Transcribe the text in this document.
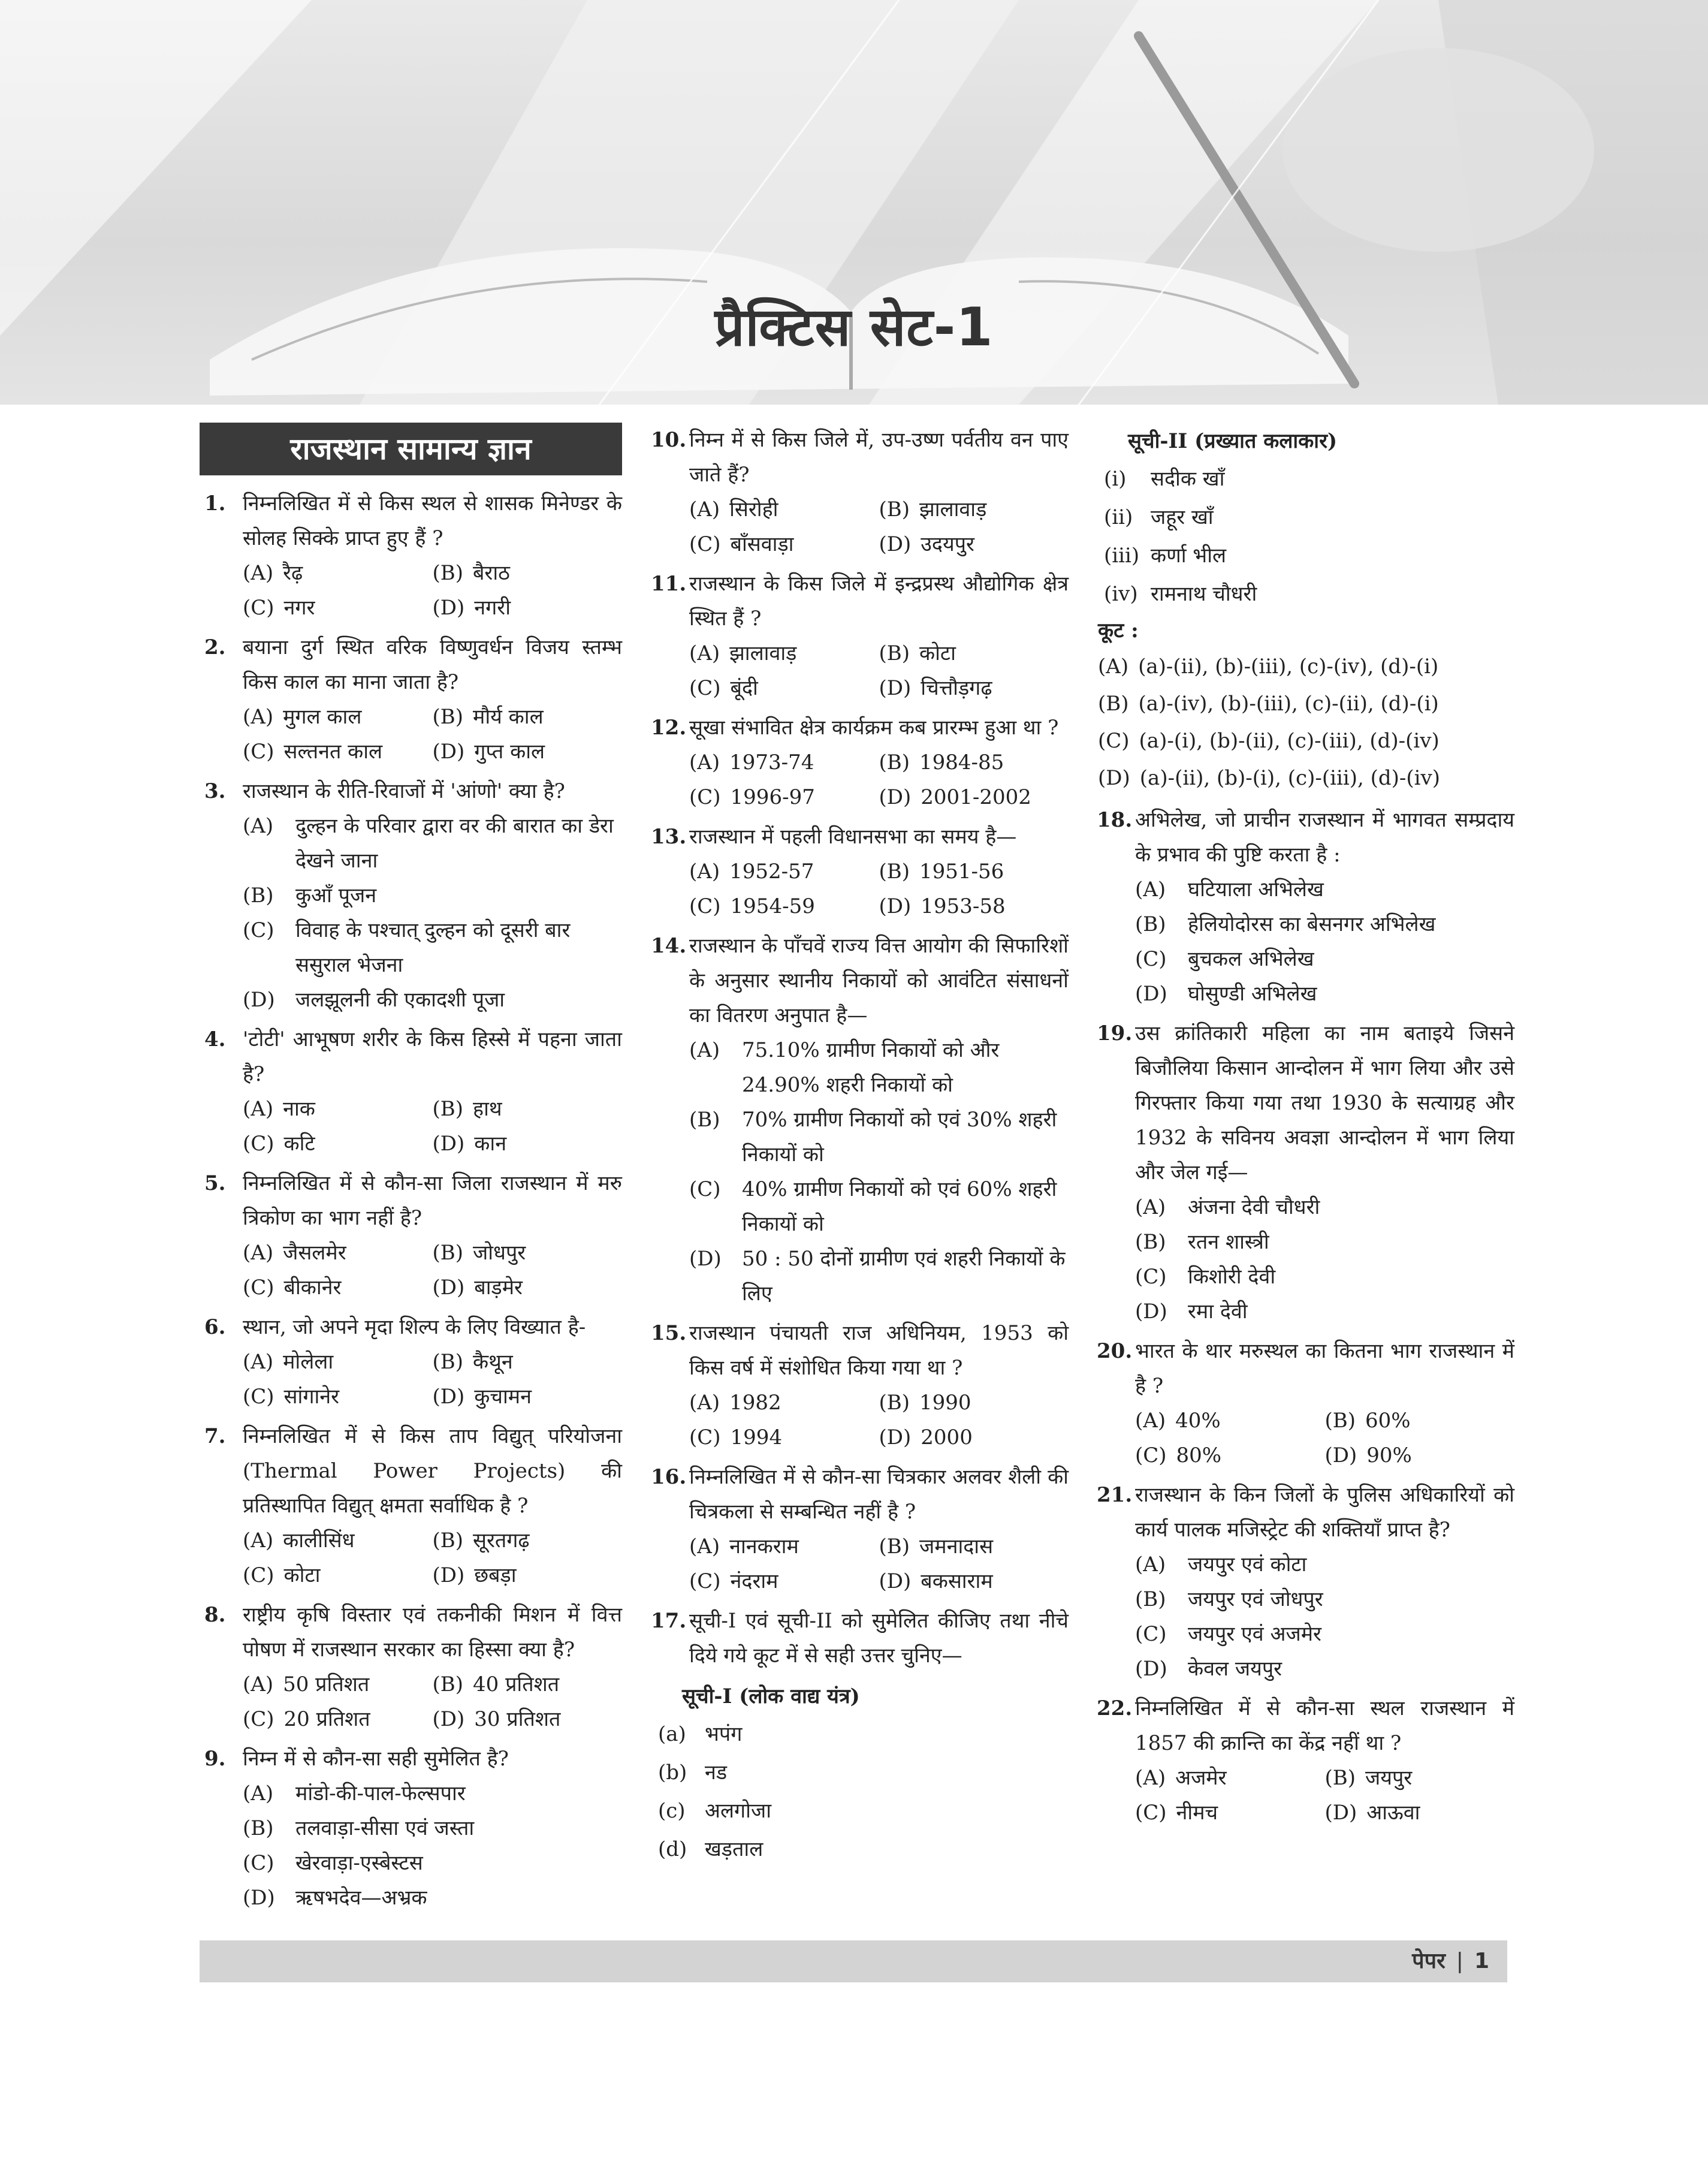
प्रैक्टिस सेट-1
राजस्थान सामान्य ज्ञान
1. निम्नलिखित में से किस स्थल से शासक मिनेण्डर के सोलह सिक्के प्राप्त हुए हैं ?
(A) रैढ़	(B) बैराठ
(C) नगर	(D) नगरी
2. बयाना दुर्ग स्थित वरिक विष्णुवर्धन विजय स्तम्भ किस काल का माना जाता है?
(A) मुगल काल	(B) मौर्य काल
(C) सल्तनत काल	(D) गुप्त काल
3. राजस्थान के रीति-रिवाजों में 'आंणो' क्या है?
(A)	दुल्हन के परिवार द्वारा वर की बारात का डेरा देखने जाना
(B)	कुआँ पूजन
(C)	विवाह के पश्चात् दुल्हन को दूसरी बार ससुराल भेजना
(D)	जलझूलनी की एकादशी पूजा
4. 'टोटी' आभूषण शरीर के किस हिस्से में पहना जाता है?
(A) नाक	(B) हाथ
(C) कटि	(D) कान
5. निम्नलिखित में से कौन-सा जिला राजस्थान में मरु त्रिकोण का भाग नहीं है?
(A) जैसलमेर	(B) जोधपुर
(C) बीकानेर	(D) बाड़मेर
6. स्थान, जो अपने मृदा शिल्प के लिए विख्यात है-
(A) मोलेला	(B) कैथून
(C) सांगानेर	(D) कुचामन
7. निम्नलिखित में से किस ताप विद्युत् परियोजना (Thermal Power Projects) की प्रतिस्थापित विद्युत् क्षमता सर्वाधिक है ?
(A) कालीसिंध	(B) सूरतगढ़
(C) कोटा	(D) छबड़ा
8. राष्ट्रीय कृषि विस्तार एवं तकनीकी मिशन में वित्त पोषण में राजस्थान सरकार का हिस्सा क्या है?
(A) 50 प्रतिशत	(B) 40 प्रतिशत
(C) 20 प्रतिशत	(D) 30 प्रतिशत
9. निम्न में से कौन-सा सही सुमेलित है?
(A)	मांडो-की-पाल-फेल्सपार
(B)	तलवाड़ा-सीसा एवं जस्ता
(C)	खेरवाड़ा-एस्बेस्टस
(D)	ऋषभदेव—अभ्रक
10. निम्न में से किस जिले में, उप-उष्ण पर्वतीय वन पाए जाते हैं?
(A) सिरोही	(B) झालावाड़
(C) बाँसवाड़ा	(D) उदयपुर
11. राजस्थान के किस जिले में इन्द्रप्रस्थ औद्योगिक क्षेत्र स्थित हैं ?
(A) झालावाड़	(B) कोटा
(C) बूंदी	(D) चित्तौड़गढ़
12. सूखा संभावित क्षेत्र कार्यक्रम कब प्रारम्भ हुआ था ?
(A) 1973-74	(B) 1984-85
(C) 1996-97	(D) 2001-2002
13. राजस्थान में पहली विधानसभा का समय है—
(A) 1952-57	(B) 1951-56
(C) 1954-59	(D) 1953-58
14. राजस्थान के पाँचवें राज्य वित्त आयोग की सिफारिशों के अनुसार स्थानीय निकायों को आवंटित संसाधनों का वितरण अनुपात है—
(A)	75.10% ग्रामीण निकायों को और 24.90% शहरी निकायों को
(B)	70% ग्रामीण निकायों को एवं 30% शहरी निकायों को
(C)	40% ग्रामीण निकायों को एवं 60% शहरी निकायों को
(D)	50 : 50 दोनों ग्रामीण एवं शहरी निकायों के लिए
15. राजस्थान पंचायती राज अधिनियम, 1953 को किस वर्ष में संशोधित किया गया था ?
(A) 1982	(B) 1990
(C) 1994	(D) 2000
16. निम्नलिखित में से कौन-सा चित्रकार अलवर शैली की चित्रकला से सम्बन्धित नहीं है ?
(A) नानकराम	(B) जमनादास
(C) नंदराम	(D) बकसाराम
17. सूची-I एवं सूची-II को सुमेलित कीजिए तथा नीचे दिये गये कूट में से सही उत्तर चुनिए—
सूची-I (लोक वाद्य यंत्र)
(a) भपंग
(b) नड
(c) अलगोजा
(d) खड़ताल
सूची-II (प्रख्यात कलाकार)
(i) सदीक खाँ
(ii) जहूर खाँ
(iii) कर्णा भील
(iv) रामनाथ चौधरी
कूट :
(A) (a)-(ii), (b)-(iii), (c)-(iv), (d)-(i)
(B) (a)-(iv), (b)-(iii), (c)-(ii), (d)-(i)
(C) (a)-(i), (b)-(ii), (c)-(iii), (d)-(iv)
(D) (a)-(ii), (b)-(i), (c)-(iii), (d)-(iv)
18. अभिलेख, जो प्राचीन राजस्थान में भागवत सम्प्रदाय के प्रभाव की पुष्टि करता है :
(A)	घटियाला अभिलेख
(B)	हेलियोदोरस का बेसनगर अभिलेख
(C)	बुचकल अभिलेख
(D)	घोसुण्डी अभिलेख
19. उस क्रांतिकारी महिला का नाम बताइये जिसने बिजौलिया किसान आन्दोलन में भाग लिया और उसे गिरफ्तार किया गया तथा 1930 के सत्याग्रह और 1932 के सविनय अवज्ञा आन्दोलन में भाग लिया और जेल गई—
(A)	अंजना देवी चौधरी
(B)	रतन शास्त्री
(C)	किशोरी देवी
(D)	रमा देवी
20. भारत के थार मरुस्थल का कितना भाग राजस्थान में है ?
(A) 40%	(B) 60%
(C) 80%	(D) 90%
21. राजस्थान के किन जिलों के पुलिस अधिकारियों को कार्य पालक मजिस्ट्रेट की शक्तियाँ प्राप्त है?
(A)	जयपुर एवं कोटा
(B)	जयपुर एवं जोधपुर
(C)	जयपुर एवं अजमेर
(D)	केवल जयपुर
22. निम्नलिखित में से कौन-सा स्थल राजस्थान में 1857 की क्रान्ति का केंद्र नहीं था ?
(A) अजमेर	(B) जयपुर
(C) नीमच	(D) आऊवा
पेपर | 1
